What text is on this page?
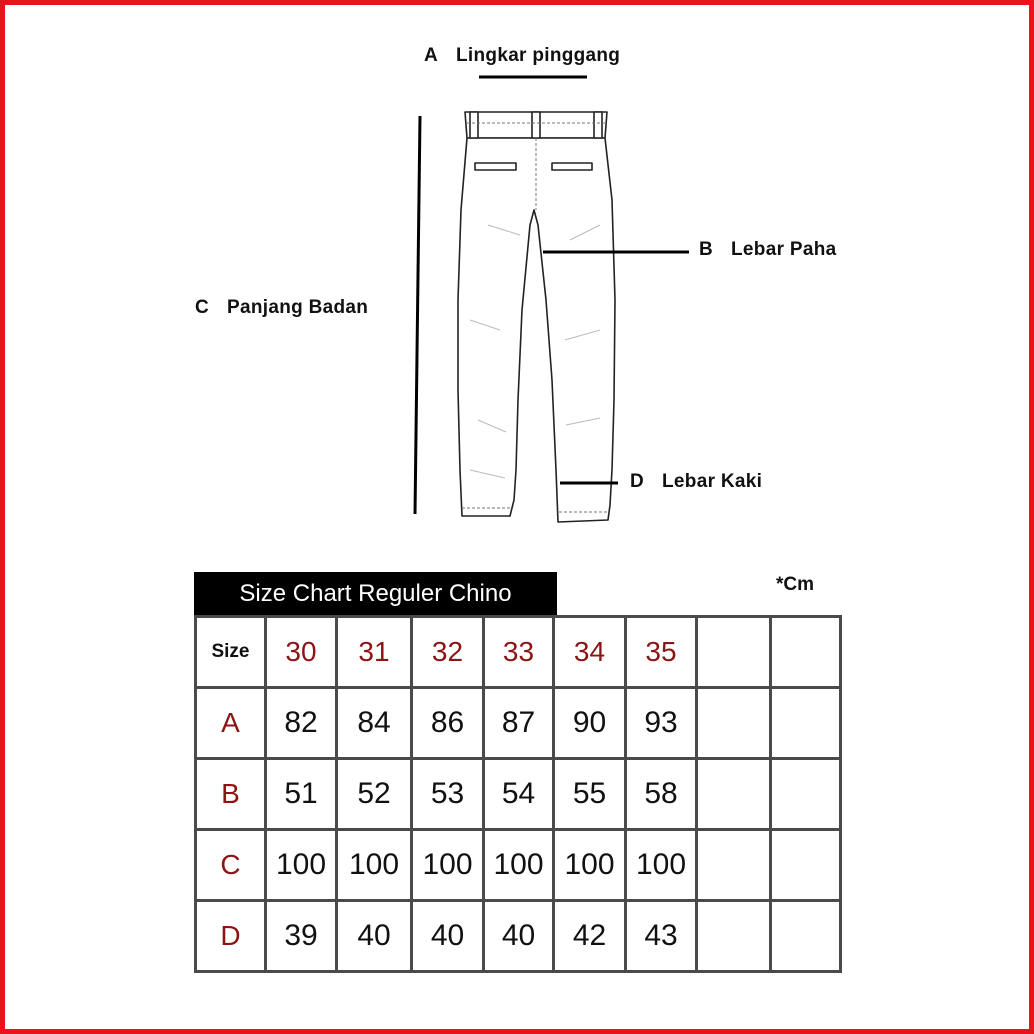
A Lingkar pinggang
B Lebar Paha
C Panjang Badan
D Lebar Kaki
Size Chart Reguler Chino	*Cm
Size	30	31	32	33	34	35		
A	82	84	86	87	90	93		
B	51	52	53	54	55	58		
C	100	100	100	100	100	100		
D	39	40	40	40	42	43		
